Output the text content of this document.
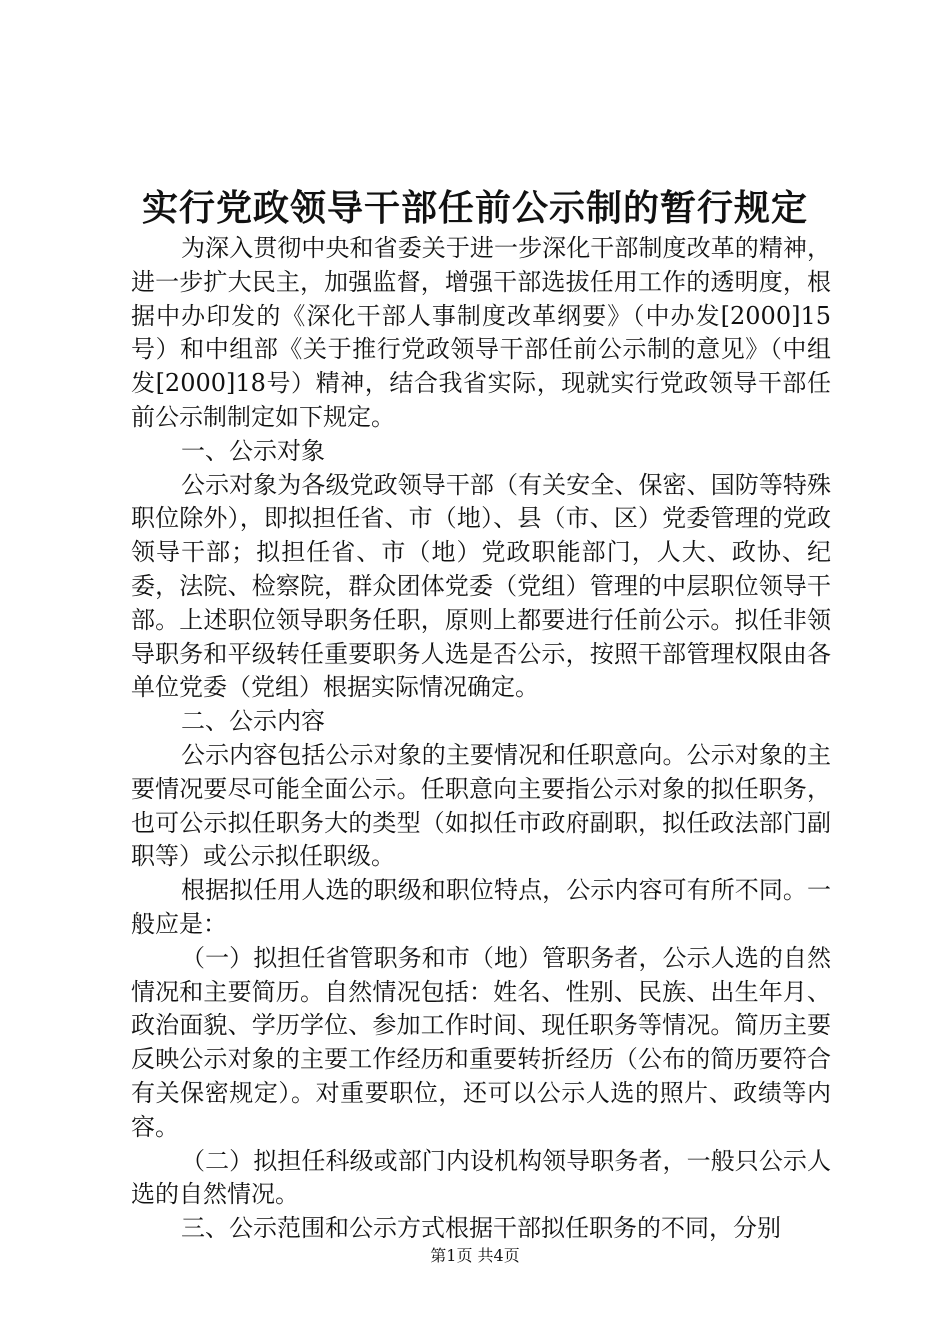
实行党政领导干部任前公示制的暂行规定

为深入贯彻中央和省委关于进一步深化干部制度改革的精神，进一步扩大民主，加强监督，增强干部选拔任用工作的透明度，根据中办印发的《深化干部人事制度改革纲要》（中办发[2000]15号）和中组部《关于推行党政领导干部任前公示制的意见》（中组发[2000]18号）精神，结合我省实际，现就实行党政领导干部任前公示制制定如下规定。

一、公示对象

公示对象为各级党政领导干部（有关安全、保密、国防等特殊职位除外），即拟担任省、市（地）、县（市、区）党委管理的党政领导干部；拟担任省、市（地）党政职能部门，人大、政协、纪委，法院、检察院，群众团体党委（党组）管理的中层职位领导干部。上述职位领导职务任职，原则上都要进行任前公示。拟任非领导职务和平级转任重要职务人选是否公示，按照干部管理权限由各单位党委（党组）根据实际情况确定。

二、公示内容

公示内容包括公示对象的主要情况和任职意向。公示对象的主要情况要尽可能全面公示。任职意向主要指公示对象的拟任职务，也可公示拟任职务大的类型（如拟任市政府副职，拟任政法部门副职等）或公示拟任职级。

根据拟任用人选的职级和职位特点，公示内容可有所不同。一般应是：

（一）拟担任省管职务和市（地）管职务者，公示人选的自然情况和主要简历。自然情况包括：姓名、性别、民族、出生年月、政治面貌、学历学位、参加工作时间、现任职务等情况。简历主要反映公示对象的主要工作经历和重要转折经历（公布的简历要符合有关保密规定）。对重要职位，还可以公示人选的照片、政绩等内容。

（二）拟担任科级或部门内设机构领导职务者，一般只公示人选的自然情况。

三、公示范围和公示方式根据干部拟任职务的不同，分别

第1页 共4页
